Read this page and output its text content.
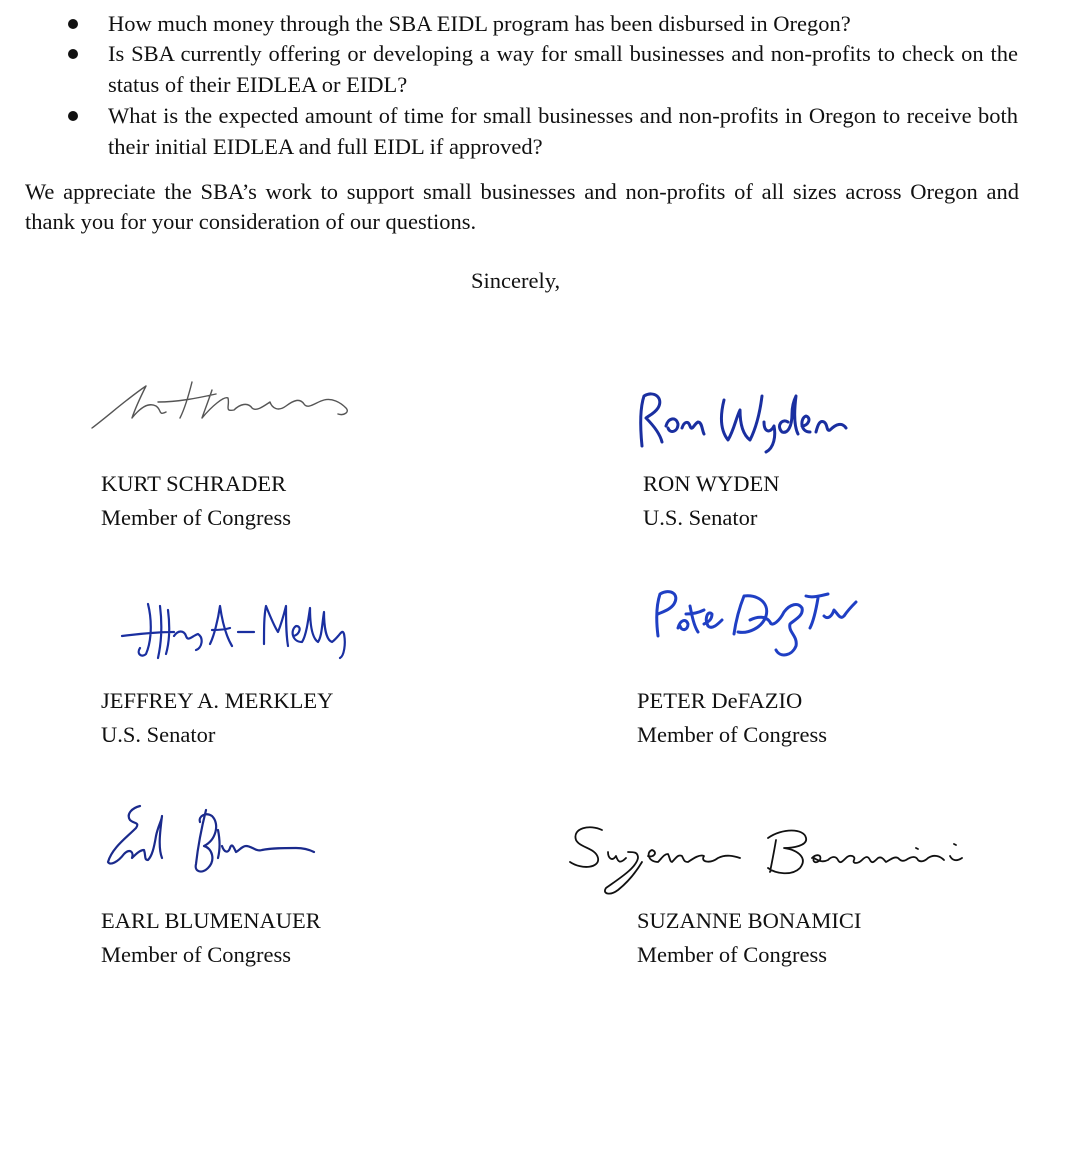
How much money through the SBA EIDL program has been disbursed in Oregon?
Is SBA currently offering or developing a way for small businesses and non-profits to check on the status of their EIDLEA or EIDL?
What is the expected amount of time for small businesses and non-profits in Oregon to receive both their initial EIDLEA and full EIDL if approved?

We appreciate the SBA’s work to support small businesses and non-profits of all sizes across Oregon and thank you for your consideration of our questions.

Sincerely,
KURT SCHRADER
Member of Congress
RON WYDEN
U.S. Senator
JEFFREY A. MERKLEY
U.S. Senator
PETER DeFAZIO
Member of Congress
EARL BLUMENAUER
Member of Congress
SUZANNE BONAMICI
Member of Congress
